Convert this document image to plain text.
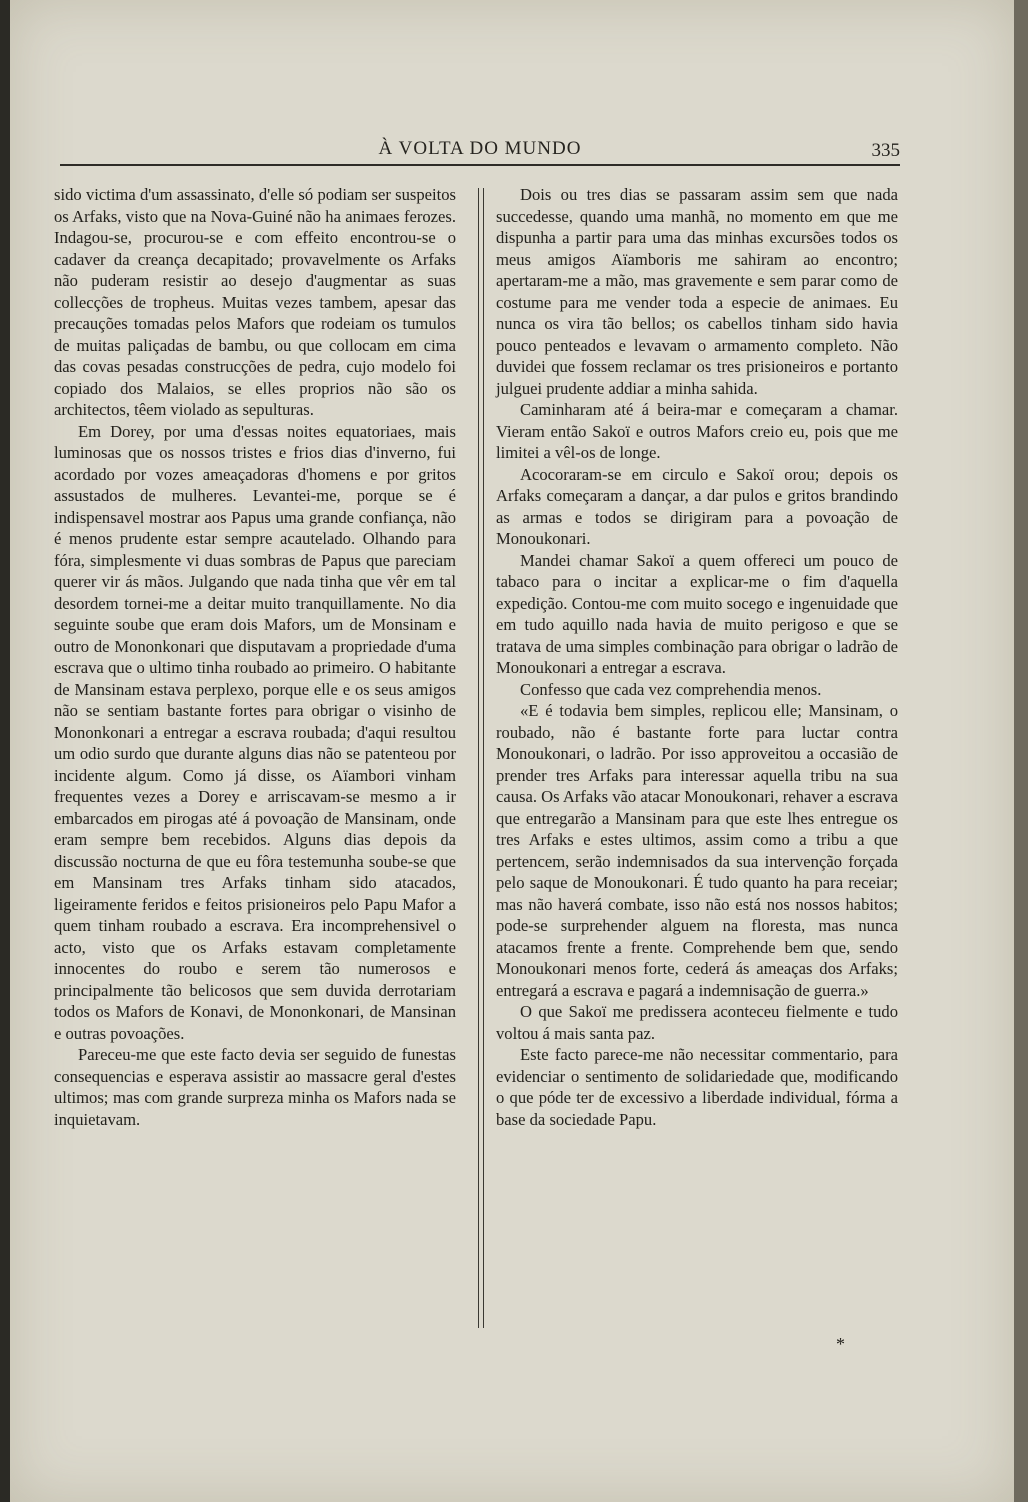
À VOLTA DO MUNDO	335

sido victima d'um assassinato, d'elle só podiam ser suspeitos os Arfaks, visto que na Nova-Guiné não ha animaes ferozes. Indagou-se, procurou-se e com effeito encontrou-se o cadaver da creança decapitado; provavelmente os Arfaks não puderam resistir ao desejo d'augmentar as suas collecções de tropheus. Muitas vezes tambem, apesar das precauções tomadas pelos Mafors que rodeiam os tumulos de muitas paliçadas de bambu, ou que collocam em cima das covas pesadas construcções de pedra, cujo modelo foi copiado dos Malaios, se elles proprios não são os architectos, têem violado as sepulturas.

Em Dorey, por uma d'essas noites equatoriaes, mais luminosas que os nossos tristes e frios dias d'inverno, fui acordado por vozes ameaçadoras d'homens e por gritos assustados de mulheres. Levantei-me, porque se é indispensavel mostrar aos Papus uma grande confiança, não é menos prudente estar sempre acautelado. Olhando para fóra, simplesmente vi duas sombras de Papus que pareciam querer vir ás mãos. Julgando que nada tinha que vêr em tal desordem tornei-me a deitar muito tranquillamente. No dia seguinte soube que eram dois Mafors, um de Monsinam e outro de Mononkonari que disputavam a propriedade d'uma escrava que o ultimo tinha roubado ao primeiro. O habitante de Mansinam estava perplexo, porque elle e os seus amigos não se sentiam bastante fortes para obrigar o visinho de Mononkonari a entregar a escrava roubada; d'aqui resultou um odio surdo que durante alguns dias não se patenteou por incidente algum. Como já disse, os Aïambori vinham frequentes vezes a Dorey e arriscavam-se mesmo a ir embarcados em pirogas até á povoação de Mansinam, onde eram sempre bem recebidos. Alguns dias depois da discussão nocturna de que eu fôra testemunha soube-se que em Mansinam tres Arfaks tinham sido atacados, ligeiramente feridos e feitos prisioneiros pelo Papu Mafor a quem tinham roubado a escrava. Era incomprehensivel o acto, visto que os Arfaks estavam completamente innocentes do roubo e serem tão numerosos e principalmente tão belicosos que sem duvida derrotariam todos os Mafors de Konavi, de Mononkonari, de Mansinan e outras povoações.

Pareceu-me que este facto devia ser seguido de funestas consequencias e esperava assistir ao massacre geral d'estes ultimos; mas com grande surpreza minha os Mafors nada se inquietavam.

Dois ou tres dias se passaram assim sem que nada succedesse, quando uma manhã, no momento em que me dispunha a partir para uma das minhas excursões todos os meus amigos Aïamboris me sahiram ao encontro; apertaram-me a mão, mas gravemente e sem parar como de costume para me vender toda a especie de animaes. Eu nunca os vira tão bellos; os cabellos tinham sido havia pouco penteados e levavam o armamento completo. Não duvidei que fossem reclamar os tres prisioneiros e portanto julguei prudente addiar a minha sahida.

Caminharam até á beira-mar e começaram a chamar. Vieram então Sakoï e outros Mafors creio eu, pois que me limitei a vêl-os de longe.

Acocoraram-se em circulo e Sakoï orou; depois os Arfaks começaram a dançar, a dar pulos e gritos brandindo as armas e todos se dirigiram para a povoação de Monoukonari.

Mandei chamar Sakoï a quem offereci um pouco de tabaco para o incitar a explicar-me o fim d'aquella expedição. Contou-me com muito socego e ingenuidade que em tudo aquillo nada havia de muito perigoso e que se tratava de uma simples combinação para obrigar o ladrão de Monoukonari a entregar a escrava.

Confesso que cada vez comprehendia menos.

«E é todavia bem simples, replicou elle; Mansinam, o roubado, não é bastante forte para luctar contra Monoukonari, o ladrão. Por isso approveitou a occasião de prender tres Arfaks para interessar aquella tribu na sua causa. Os Arfaks vão atacar Monoukonari, rehaver a escrava que entregarão a Mansinam para que este lhes entregue os tres Arfaks e estes ultimos, assim como a tribu a que pertencem, serão indemnisados da sua intervenção forçada pelo saque de Monoukonari. É tudo quanto ha para receiar; mas não haverá combate, isso não está nos nossos habitos; pode-se surprehender alguem na floresta, mas nunca atacamos frente a frente. Comprehende bem que, sendo Monoukonari menos forte, cederá ás ameaças dos Arfaks; entregará a escrava e pagará a indemnisação de guerra.»

O que Sakoï me predissera aconteceu fielmente e tudo voltou á mais santa paz.

Este facto parece-me não necessitar commentario, para evidenciar o sentimento de solidariedade que, modificando o que póde ter de excessivo a liberdade individual, fórma a base da sociedade Papu.

*
